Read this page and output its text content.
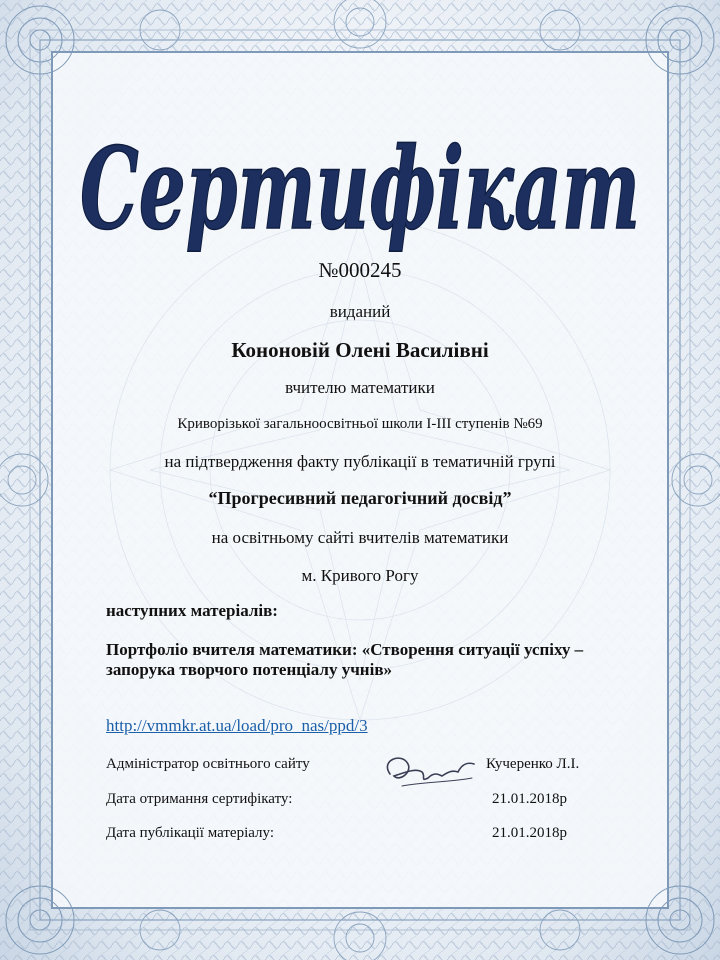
Сертифікат
№000245
виданий
Кононовій Олені Василівні
вчителю математики
Криворізької загальноосвітньої школи I-III ступенів №69
на підтвердження факту публікації в тематичній групі
“Прогресивний педагогічний досвід”
на освітньому сайті вчителів математики
м. Кривого Рогу
наступних матеріалів:
Портфоліо вчителя математики: «Створення ситуації успіху – запорука творчого потенціалу учнів»
http://vmmkr.at.ua/load/pro_nas/ppd/3
Адміністратор освітнього сайту	Кучеренко Л.І.
Дата отримання сертифікату:	21.01.2018р
Дата публікації матеріалу:	21.01.2018р
